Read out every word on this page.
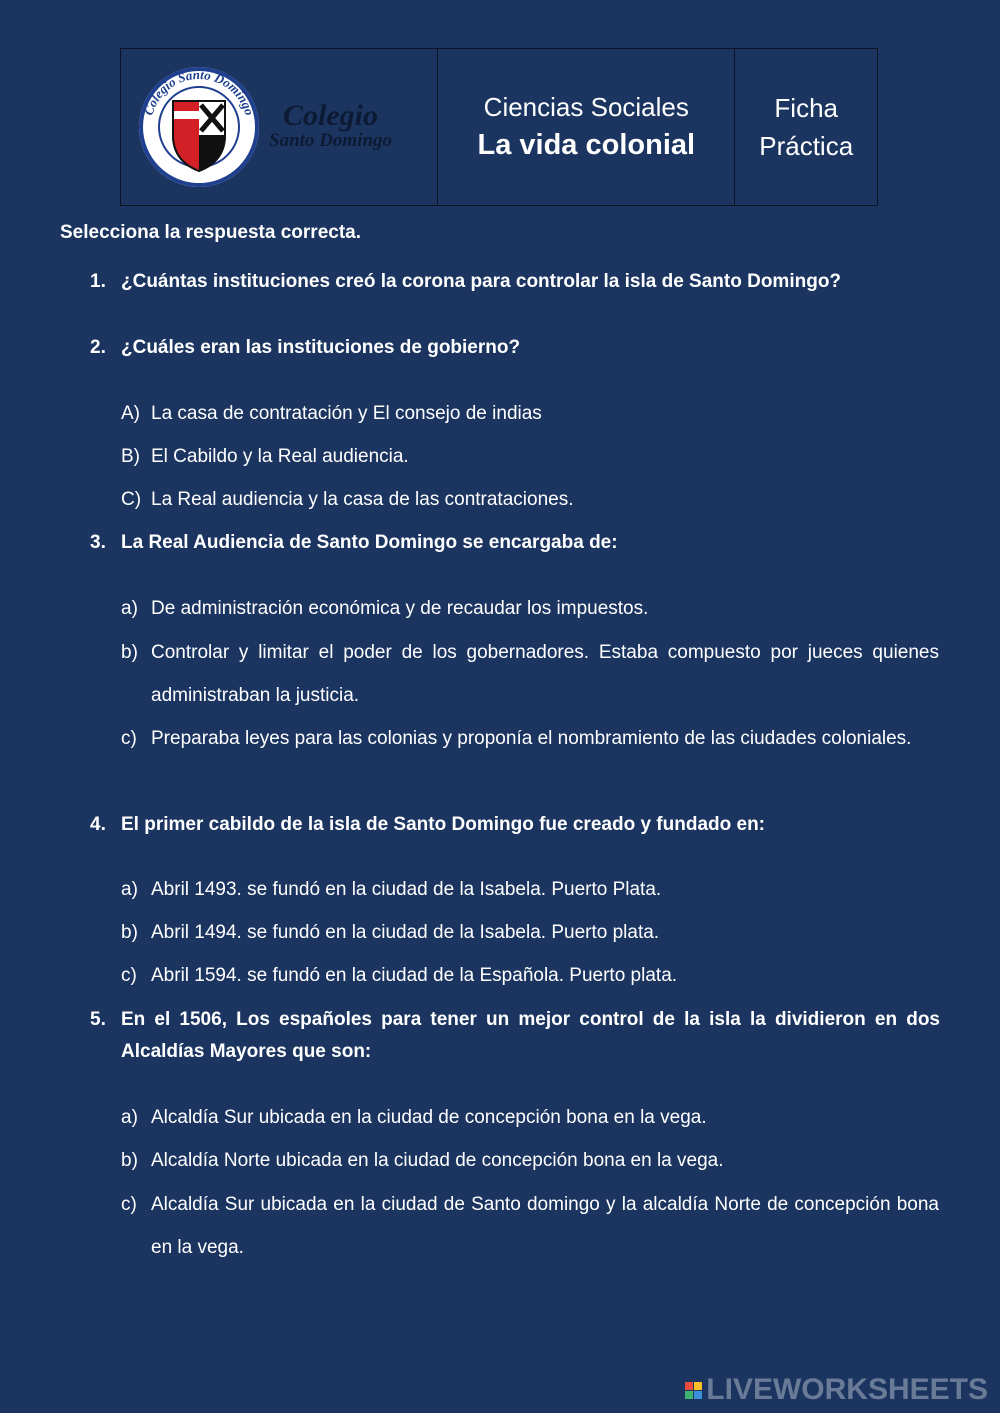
Colegio Santo Domingo Colegio
Santo Domingo
Ciencias Sociales
La vida colonial
Ficha
Práctica
Selecciona la respuesta correcta.
1. ¿Cuántas instituciones creó la corona para controlar la isla de Santo Domingo?
2. ¿Cuáles eran las instituciones de gobierno?
A) La casa de contratación y El consejo de indias
B) El Cabildo y la Real audiencia.
C) La Real audiencia y la casa de las contrataciones.
3. La Real Audiencia de Santo Domingo se encargaba de:
a) De administración económica y de recaudar los impuestos.
b) Controlar y limitar el poder de los gobernadores. Estaba compuesto por jueces quienes administraban la justicia.
c) Preparaba leyes para las colonias y proponía el nombramiento de las ciudades coloniales.
4. El primer cabildo de la isla de Santo Domingo fue creado y fundado en:
a) Abril 1493. se fundó en la ciudad de la Isabela. Puerto Plata.
b) Abril 1494. se fundó en la ciudad de la Isabela. Puerto plata.
c) Abril 1594. se fundó en la ciudad de la Española. Puerto plata.
5. En el 1506, Los españoles para tener un mejor control de la isla la dividieron en dos Alcaldías Mayores que son:
a) Alcaldía Sur ubicada en la ciudad de concepción bona en la vega.
b) Alcaldía Norte ubicada en la ciudad de concepción bona en la vega.
c) Alcaldía Sur ubicada en la ciudad de Santo domingo y la alcaldía Norte de concepción bona en la vega.
LIVEWORKSHEETS
